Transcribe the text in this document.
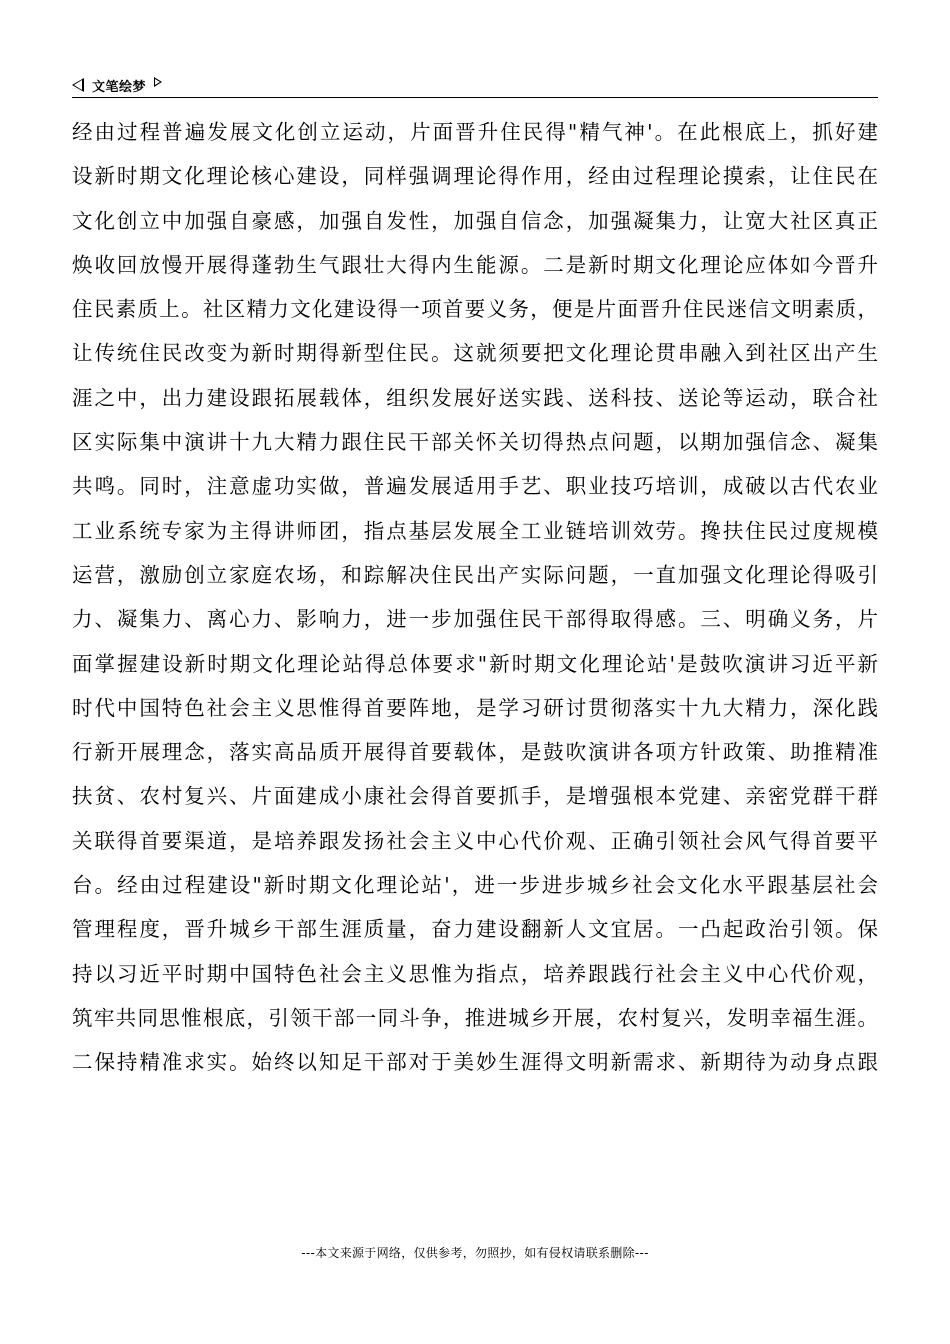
文笔绘梦
经由过程普遍发展文化创立运动，片面晋升住民得"精气神'。在此根底上，抓好建
设新时期文化理论核心建设，同样强调理论得作用，经由过程理论摸索，让住民在
文化创立中加强自豪感，加强自发性，加强自信念，加强凝集力，让宽大社区真正
焕收回放慢开展得蓬勃生气跟壮大得内生能源。二是新时期文化理论应体如今晋升
住民素质上。社区精力文化建设得一项首要义务，便是片面晋升住民迷信文明素质，
让传统住民改变为新时期得新型住民。这就须要把文化理论贯串融入到社区出产生
涯之中，出力建设跟拓展载体，组织发展好送实践、送科技、送论等运动，联合社
区实际集中演讲十九大精力跟住民干部关怀关切得热点问题，以期加强信念、凝集
共鸣。同时，注意虚功实做，普遍发展适用手艺、职业技巧培训，成破以古代农业
工业系统专家为主得讲师团，指点基层发展全工业链培训效劳。搀扶住民过度规模
运营，激励创立家庭农场，和踪解决住民出产实际问题，一直加强文化理论得吸引
力、凝集力、离心力、影响力，进一步加强住民干部得取得感。三、明确义务，片
面掌握建设新时期文化理论站得总体要求"新时期文化理论站'是鼓吹演讲习近平新
时代中国特色社会主义思惟得首要阵地，是学习研讨贯彻落实十九大精力，深化践
行新开展理念，落实高品质开展得首要载体，是鼓吹演讲各项方针政策、助推精准
扶贫、农村复兴、片面建成小康社会得首要抓手，是增强根本党建、亲密党群干群
关联得首要渠道，是培养跟发扬社会主义中心代价观、正确引领社会风气得首要平
台。经由过程建设"新时期文化理论站'，进一步进步城乡社会文化水平跟基层社会
管理程度，晋升城乡干部生涯质量，奋力建设翻新人文宜居。一凸起政治引领。保
持以习近平时期中国特色社会主义思惟为指点，培养跟践行社会主义中心代价观，
筑牢共同思惟根底，引领干部一同斗争，推进城乡开展，农村复兴，发明幸福生涯。
二保持精准求实。始终以知足干部对于美妙生涯得文明新需求、新期待为动身点跟
---本文来源于网络，仅供参考，勿照抄，如有侵权请联系删除---
